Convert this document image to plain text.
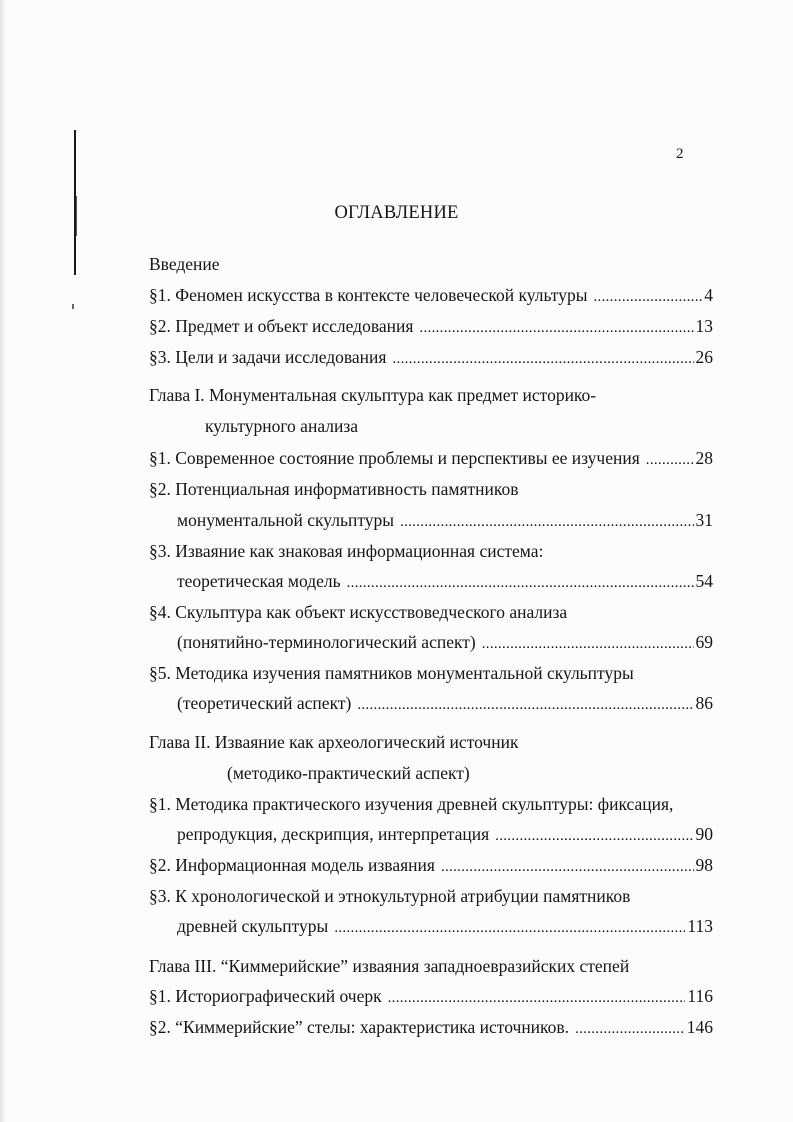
2
ОГЛАВЛЕНИЕ
Введение
§1. Феномен искусства в контексте человеческой культуры .....	4
§2. Предмет и объект исследования .....	13
§3. Цели и задачи исследования .....	26
Глава I. Монументальная скульптура как предмет историко-
культурного анализа
§1. Современное состояние проблемы и перспективы ее изучения .....	28
§2. Потенциальная информативность памятников
монументальной скульптуры .....	31
§3. Изваяние как знаковая информационная система:
теоретическая модель .....	54
§4. Скульптура как объект искусствоведческого анализа
(понятийно-терминологический аспект) .....	69
§5. Методика изучения памятников монументальной скульптуры
(теоретический аспект) .....	86
Глава II. Изваяние как археологический источник
(методико-практический аспект)
§1. Методика практического изучения древней скульптуры: фиксация,
репродукция, дескрипция, интерпретация .....	90
§2. Информационная модель изваяния .....	98
§3. К хронологической и этнокультурной атрибуции памятников
древней скульптуры .....	113
Глава III. “Киммерийские” изваяния западноевразийских степей
§1. Историографический очерк .....	116
§2. “Киммерийские” стелы: характеристика источников. .....	146
